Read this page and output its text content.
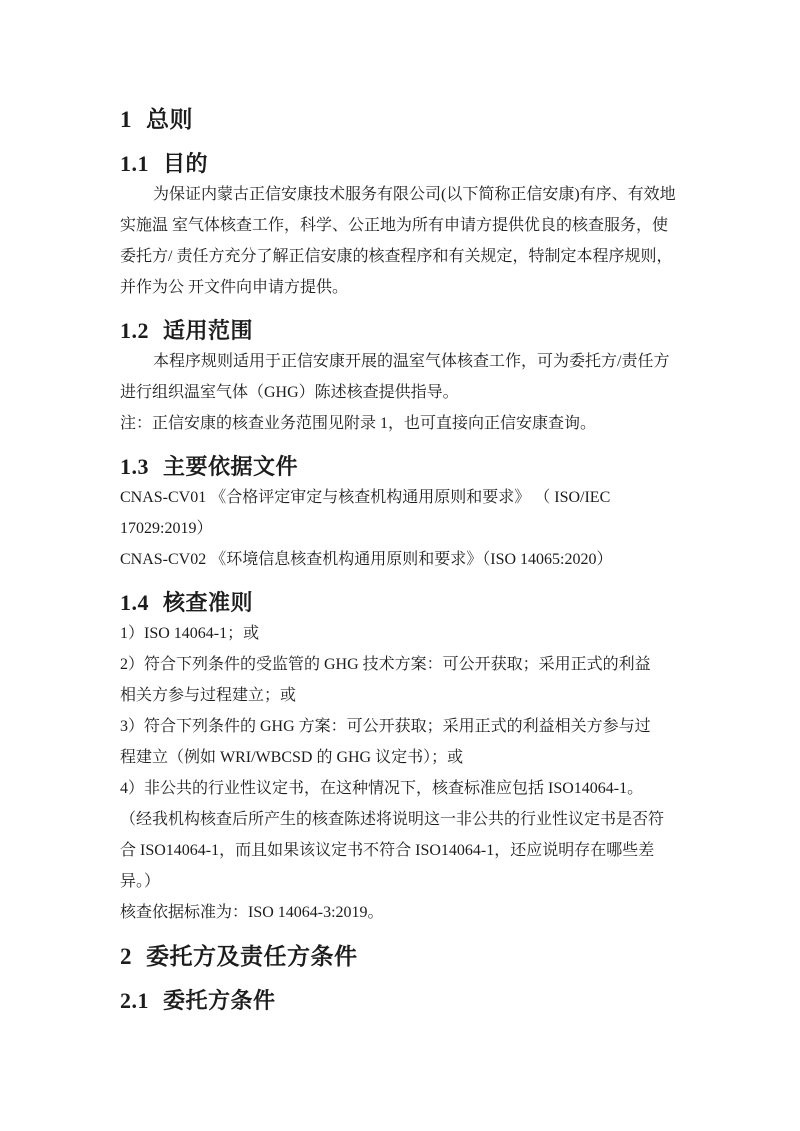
1 总则
1.1 目的

为保证内蒙古正信安康技术服务有限公司(以下简称正信安康)有序、有效地
实施温 室气体核查工作，科学、公正地为所有申请方提供优良的核查服务，使
委托方/ 责任方充分了解正信安康的核查程序和有关规定，特制定本程序规则，
并作为公 开文件向申请方提供。

1.2 适用范围

本程序规则适用于正信安康开展的温室气体核查工作，可为委托方/责任方
进行组织温室气体（GHG）陈述核查提供指导。

注：正信安康的核查业务范围见附录 1，也可直接向正信安康查询。

1.3 主要依据文件

CNAS-CV01 《合格评定审定与核查机构通用原则和要求》 （ ISO/IEC
17029:2019）

CNAS-CV02 《环境信息核查机构通用原则和要求》（ISO 14065:2020）

1.4 核查准则

1）ISO 14064-1；或

2）符合下列条件的受监管的 GHG 技术方案：可公开获取；采用正式的利益
相关方参与过程建立；或

3）符合下列条件的 GHG 方案：可公开获取；采用正式的利益相关方参与过
程建立（例如 WRI/WBCSD 的 GHG 议定书）；或

4）非公共的行业性议定书，在这种情况下，核查标准应包括 ISO14064-1。

（经我机构核查后所产生的核查陈述将说明这一非公共的行业性议定书是否符
合 ISO14064-1，而且如果该议定书不符合 ISO14064-1，还应说明存在哪些差
异。）

核查依据标准为：ISO 14064-3:2019。

2 委托方及责任方条件
2.1 委托方条件
